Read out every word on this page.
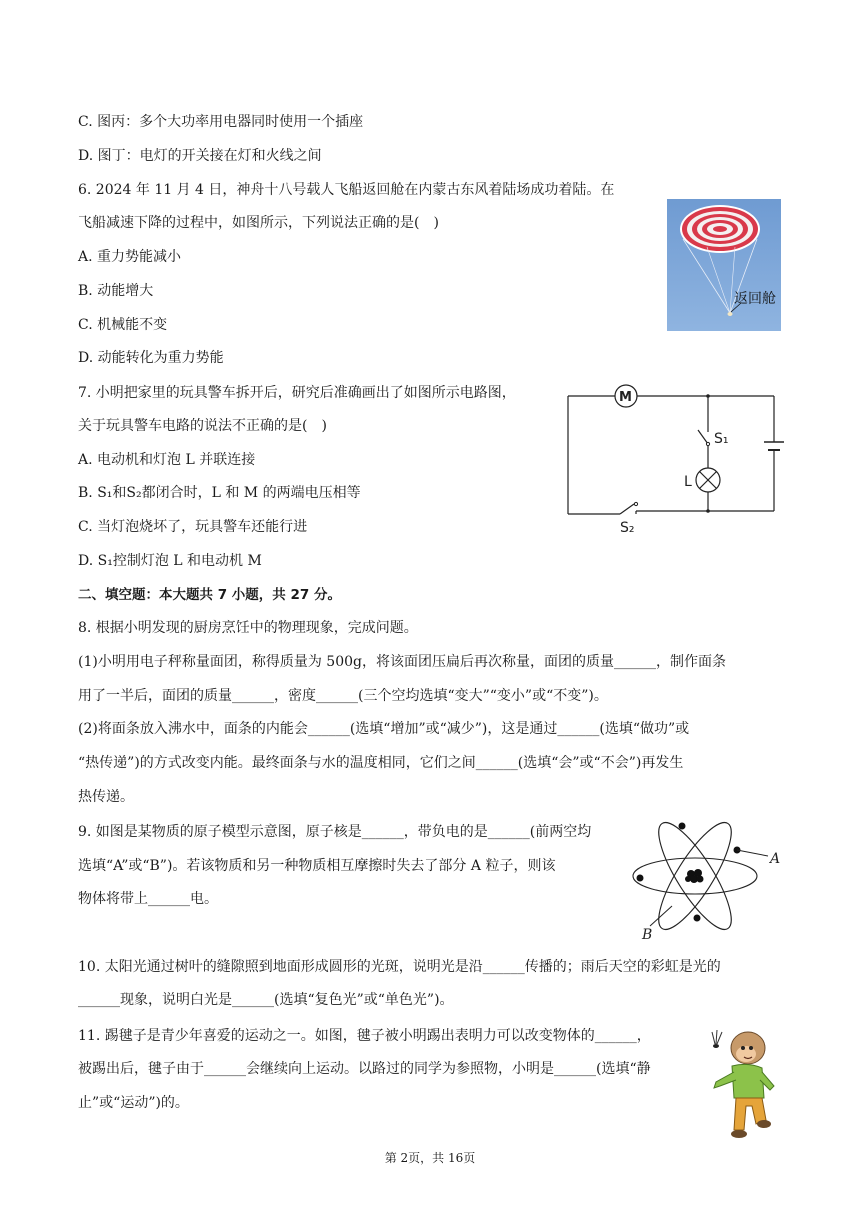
C. 图丙：多个大功率用电器同时使用一个插座
D. 图丁：电灯的开关接在灯和火线之间
6. 2024 年 11 月 4 日，神舟十八号载人飞船返回舱在内蒙古东风着陆场成功着陆。在
飞船减速下降的过程中，如图所示，下列说法正确的是(　)
A. 重力势能减小
B. 动能增大
C. 机械能不变
D. 动能转化为重力势能
返回舱
7. 小明把家里的玩具警车拆开后，研究后准确画出了如图所示电路图，
关于玩具警车电路的说法不正确的是(　)
A. 电动机和灯泡 L 并联连接
B. S₁和S₂都闭合时，L 和 M 的两端电压相等
C. 当灯泡烧坏了，玩具警车还能行进
D. S₁控制灯泡 L 和电动机 M
M
L
S₁
S₂
二、填空题：本大题共 7 小题，共 27 分。
8. 根据小明发现的厨房烹饪中的物理现象，完成问题。
(1)小明用电子秤称量面团，称得质量为 500g，将该面团压扁后再次称量，面团的质量______，制作面条
用了一半后，面团的质量______，密度______(三个空均选填“变大”“变小”或“不变”)。
(2)将面条放入沸水中，面条的内能会______(选填“增加”或“减少”)，这是通过______(选填“做功”或
“热传递”)的方式改变内能。最终面条与水的温度相同，它们之间______(选填“会”或“不会”)再发生
热传递。
9. 如图是某物质的原子模型示意图，原子核是______，带负电的是______(前两空均
选填“A”或“B”)。若该物质和另一种物质相互摩擦时失去了部分 A 粒子，则该
物体将带上______电。
A
B
10. 太阳光通过树叶的缝隙照到地面形成圆形的光斑，说明光是沿______传播的；雨后天空的彩虹是光的
______现象，说明白光是______(选填“复色光”或“单色光”)。
11. 踢毽子是青少年喜爱的运动之一。如图，毽子被小明踢出表明力可以改变物体的______，
被踢出后，毽子由于______会继续向上运动。以路过的同学为参照物，小明是______(选填“静
止”或“运动”)的。
第 2页，共 16页
